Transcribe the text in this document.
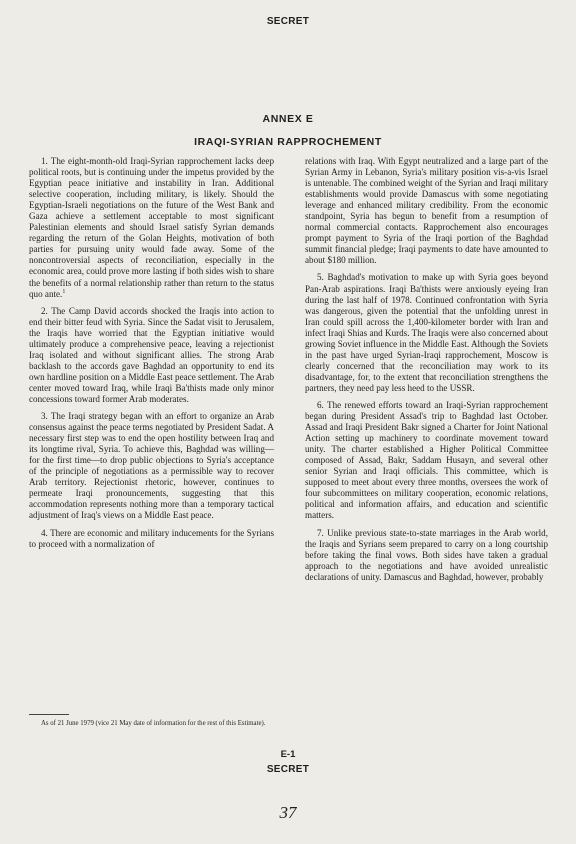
SECRET
ANNEX E
IRAQI-SYRIAN RAPPROCHEMENT

1. The eight-month-old Iraqi-Syrian rapprochement lacks deep political roots, but is continuing under the impetus provided by the Egyptian peace initiative and instability in Iran. Additional selective cooperation, including military, is likely. Should the Egyptian-Israeli negotiations on the future of the West Bank and Gaza achieve a settlement acceptable to most significant Palestinian elements and should Israel satisfy Syrian demands regarding the return of the Golan Heights, motivation of both parties for pursuing unity would fade away. Some of the noncontroversial aspects of reconciliation, especially in the economic area, could prove more lasting if both sides wish to share the benefits of a normal relationship rather than return to the status quo ante.$^1$

2. The Camp David accords shocked the Iraqis into action to end their bitter feud with Syria. Since the Sadat visit to Jerusalem, the Iraqis have worried that the Egyptian initiative would ultimately produce a comprehensive peace, leaving a rejectionist Iraq isolated and without significant allies. The strong Arab backlash to the accords gave Baghdad an opportunity to end its own hardline position on a Middle East peace settlement. The Arab center moved toward Iraq, while Iraqi Ba'thists made only minor concessions toward former Arab moderates.

3. The Iraqi strategy began with an effort to organize an Arab consensus against the peace terms negotiated by President Sadat. A necessary first step was to end the open hostility between Iraq and its longtime rival, Syria. To achieve this, Baghdad was willing—for the first time—to drop public objections to Syria's acceptance of the principle of negotiations as a permissible way to recover Arab territory. Rejectionist rhetoric, however, continues to permeate Iraqi pronouncements, suggesting that this accommodation represents nothing more than a temporary tactical adjustment of Iraq's views on a Middle East peace.

4. There are economic and military inducements for the Syrians to proceed with a normalization of

As of 21 June 1979 (vice 21 May date of information for the rest of this Estimate).

relations with Iraq. With Egypt neutralized and a large part of the Syrian Army in Lebanon, Syria's military position vis-a-vis Israel is untenable. The combined weight of the Syrian and Iraqi military establishments would provide Damascus with some negotiating leverage and enhanced military credibility. From the economic standpoint, Syria has begun to benefit from a resumption of normal commercial contacts. Rapprochement also encourages prompt payment to Syria of the Iraqi portion of the Baghdad summit financial pledge; Iraqi payments to date have amounted to about $180 million.

5. Baghdad's motivation to make up with Syria goes beyond Pan-Arab aspirations. Iraqi Ba'thists were anxiously eyeing Iran during the last half of 1978. Continued confrontation with Syria was dangerous, given the potential that the unfolding unrest in Iran could spill across the 1,400-kilometer border with Iran and infect Iraqi Shias and Kurds. The Iraqis were also concerned about growing Soviet influence in the Middle East. Although the Soviets in the past have urged Syrian-Iraqi rapprochement, Moscow is clearly concerned that the reconciliation may work to its disadvantage, for, to the extent that reconciliation strengthens the partners, they need pay less heed to the USSR.

6. The renewed efforts toward an Iraqi-Syrian rapprochement began during President Assad's trip to Baghdad last October. Assad and Iraqi President Bakr signed a Charter for Joint National Action setting up machinery to coordinate movement toward unity. The charter established a Higher Political Committee composed of Assad, Bakr, Saddam Husayn, and several other senior Syrian and Iraqi officials. This committee, which is supposed to meet about every three months, oversees the work of four subcommittees on military cooperation, economic relations, political and information affairs, and education and scientific matters.

7. Unlike previous state-to-state marriages in the Arab world, the Iraqis and Syrians seem prepared to carry on a long courtship before taking the final vows. Both sides have taken a gradual approach to the negotiations and have avoided unrealistic declarations of unity. Damascus and Baghdad, however, probably

E-1
SECRET
37
